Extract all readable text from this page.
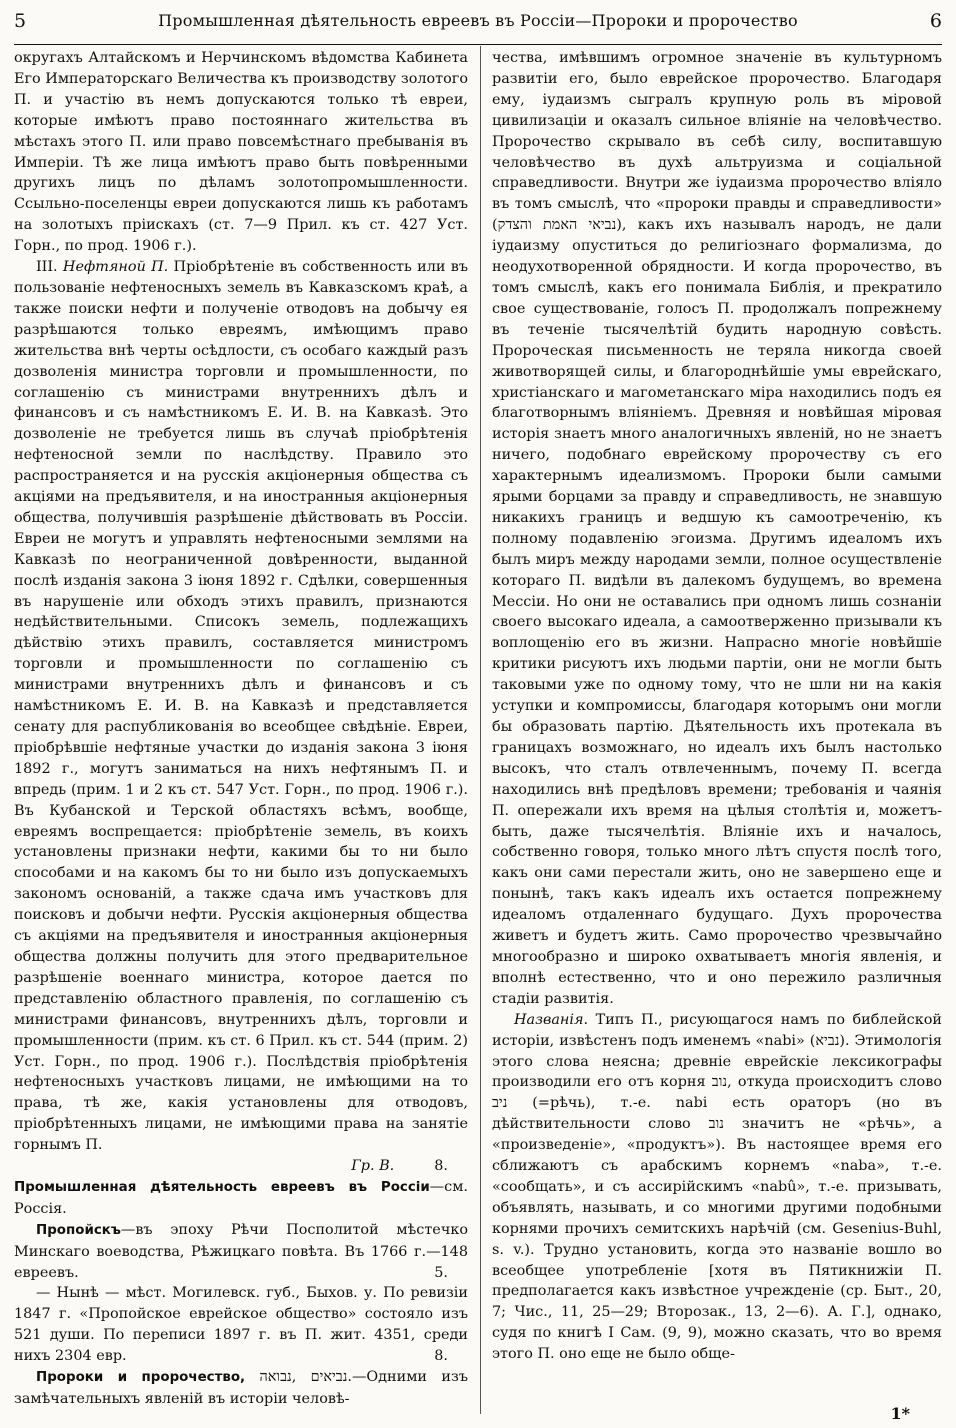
5	Промышленная дѣятельность евреевъ въ Россіи—Пророки и пророчество	6

округахъ Алтайскомъ и Нерчинскомъ вѣдомства Кабинета Его Императорскаго Величества къ производству золотого П. и участію въ немъ допускаются только тѣ евреи, которые имѣютъ право постояннаго жительства въ мѣстахъ этого П. или право повсемѣстнаго пребыванія въ Имперіи. Тѣ же лица имѣютъ право быть повѣренными другихъ лицъ по дѣламъ золотопромышленности. Ссыльно-поселенцы евреи допускаются лишь къ работамъ на золотыхъ пріискахъ (ст. 7—9 Прил. къ ст. 427 Уст. Горн., по прод. 1906 г.).

III. Нефтяной П. Пріобрѣтеніе въ собственность или въ пользованіе нефтеносныхъ земель въ Кавказскомъ краѣ, а также поиски нефти и полученіе отводовъ на добычу ея разрѣшаются только евреямъ, имѣющимъ право жительства внѣ черты осѣдлости, съ особаго каждый разъ дозволенія министра торговли и промышленности, по соглашенію съ министрами внутреннихъ дѣлъ и финансовъ и съ намѣстникомъ Е. И. В. на Кавказѣ. Это дозволеніе не требуется лишь въ случаѣ пріобрѣтенія нефтеносной земли по наслѣдству. Правило это распространяется и на русскія акціонерныя общества съ акціями на предъявителя, и на иностранныя акціонерныя общества, получившія разрѣшеніе дѣйствовать въ Россіи. Евреи не могутъ и управлять нефтеносными землями на Кавказѣ по неограниченной довѣренности, выданной послѣ изданія закона 3 іюня 1892 г. Сдѣлки, совершенныя въ нарушеніе или обходъ этихъ правилъ, признаются недѣйствительными. Списокъ земель, подлежащихъ дѣйствію этихъ правилъ, составляется министромъ торговли и промышленности по соглашенію съ министрами внутреннихъ дѣлъ и финансовъ и съ намѣстникомъ Е. И. В. на Кавказѣ и представляется сенату для распубликованія во всеобщее свѣдѣніе. Евреи, пріобрѣвшіе нефтяные участки до изданія закона 3 іюня 1892 г., могутъ заниматься на нихъ нефтянымъ П. и впредь (прим. 1 и 2 къ ст. 547 Уст. Горн., по прод. 1906 г.). Въ Кубанской и Терской областяхъ всѣмъ, вообще, евреямъ воспрещается: пріобрѣтеніе земель, въ коихъ установлены признаки нефти, какими бы то ни было способами и на какомъ бы то ни было изъ допускаемыхъ закономъ основаній, а также сдача имъ участковъ для поисковъ и добычи нефти. Русскія акціонерныя общества съ акціями на предъявителя и иностранныя акціонерныя общества должны получить для этого предварительное разрѣшеніе военнаго министра, которое дается по представленію областного правленія, по соглашенію съ министрами финансовъ, внутреннихъ дѣлъ, торговли и промышленности (прим. къ ст. 6 Прил. къ ст. 544 (прим. 2) Уст. Горн., по прод. 1906 г.). Послѣдствія пріобрѣтенія нефтеносныхъ участковъ лицами, не имѣющими на то права, тѣ же, какія установлены для отводовъ, пріобрѣтенныхъ лицами, не имѣющими права на занятіе горнымъ П.

Гр. В.	8.

Промышленная дѣятельность евреевъ въ Россіи—см. Россія.

Пропойскъ—въ эпоху Рѣчи Посполитой мѣстечко Минскаго воеводства, Рѣжицкаго повѣта. Въ 1766 г.—148 евреевъ.	5.

— Нынѣ — мѣст. Могилевск. губ., Быхов. у. По ревизіи 1847 г. «Пропойское еврейское общество» состояло изъ 521 души. По переписи 1897 г. въ П. жит. 4351, среди нихъ 2304 евр.	8.

Пророки и пророчество, נביאים ,נבואה.—Одними изъ замѣчательныхъ явленій въ исторіи человѣ-

чества, имѣвшимъ огромное значеніе въ культурномъ развитіи его, было еврейское пророчество. Благодаря ему, іудаизмъ сыгралъ крупную роль въ міровой цивилизаціи и оказалъ сильное вліяніе на человѣчество. Пророчество скрывало въ себѣ силу, воспитавшую человѣчество въ духѣ альтруизма и соціальной справедливости. Внутри же іудаизма пророчество вліяло въ томъ смыслѣ, что «пророки правды и справедливости» (נביאי האמת והצדק), какъ ихъ называлъ народъ, не дали іудаизму опуститься до религіознаго формализма, до неодухотворенной обрядности. И когда пророчество, въ томъ смыслѣ, какъ его понимала Библія, и прекратило свое существованіе, голосъ П. продолжалъ попрежнему въ теченіе тысячелѣтій будить народную совѣсть. Пророческая письменность не теряла никогда своей животворящей силы, и благороднѣйшіе умы еврейскаго, христіанскаго и магометанскаго міра находились подъ ея благотворнымъ вліяніемъ. Древняя и новѣйшая міровая исторія знаетъ много аналогичныхъ явленій, но не знаетъ ничего, подобнаго еврейскому пророчеству съ его характернымъ идеализмомъ. Пророки были самыми ярыми борцами за правду и справедливость, не знавшую никакихъ границъ и ведшую къ самоотреченію, къ полному подавленію эгоизма. Другимъ идеаломъ ихъ былъ миръ между народами земли, полное осуществленіе котораго П. видѣли въ далекомъ будущемъ, во времена Мессіи. Но они не оставались при одномъ лишь сознаніи своего высокаго идеала, а самоотверженно призывали къ воплощенію его въ жизни. Напрасно многіе новѣйшіе критики рисуютъ ихъ людьми партіи, они не могли быть таковыми уже по одному тому, что не шли ни на какія уступки и компромиссы, благодаря которымъ они могли бы образовать партію. Дѣятельность ихъ протекала въ границахъ возможнаго, но идеалъ ихъ былъ настолько высокъ, что сталъ отвлеченнымъ, почему П. всегда находились внѣ предѣловъ времени; требованія и чаянія П. опережали ихъ время на цѣлыя столѣтія и, можетъ-быть, даже тысячелѣтія. Вліяніе ихъ и началось, собственно говоря, только много лѣтъ спустя послѣ того, какъ они сами перестали жить, оно не завершено еще и понынѣ, такъ какъ идеалъ ихъ остается попрежнему идеаломъ отдаленнаго будущаго. Духъ пророчества живетъ и будетъ жить. Само пророчество чрезвычайно многообразно и широко охватываетъ многія явленія, и вполнѣ естественно, что и оно пережило различныя стадіи развитія.

Названія. Типъ П., рисующагося намъ по библейской исторіи, извѣстенъ подъ именемъ «nabi» (נביא). Этимологія этого слова неясна; древніе еврейскіе лексикографы производили его отъ корня נוב, откуда происходитъ слово ניב (=рѣчь), т.-е. nabi есть ораторъ (но въ дѣйствительности слово נוב значитъ не «рѣчь», а «произведеніе», «продуктъ»). Въ настоящее время его сближаютъ съ арабскимъ корнемъ «naba», т.-е. «сообщать», и съ ассирійскимъ «nabû», т.-е. призывать, объявлять, называть, и со многими другими подобными корнями прочихъ семитскихъ нарѣчій (см. Gesenius-Buhl, s. v.). Трудно установить, когда это названіе вошло во всеобщее употребленіе [хотя въ Пятикнижіи П. предполагается какъ извѣстное учрежденіе (ср. Быт., 20, 7; Чис., 11, 25—29; Второзак., 13, 2—6). А. Г.], однако, судя по книгѣ I Сам. (9, 9), можно сказать, что во время этого П. оно еще не было обще-

1*
